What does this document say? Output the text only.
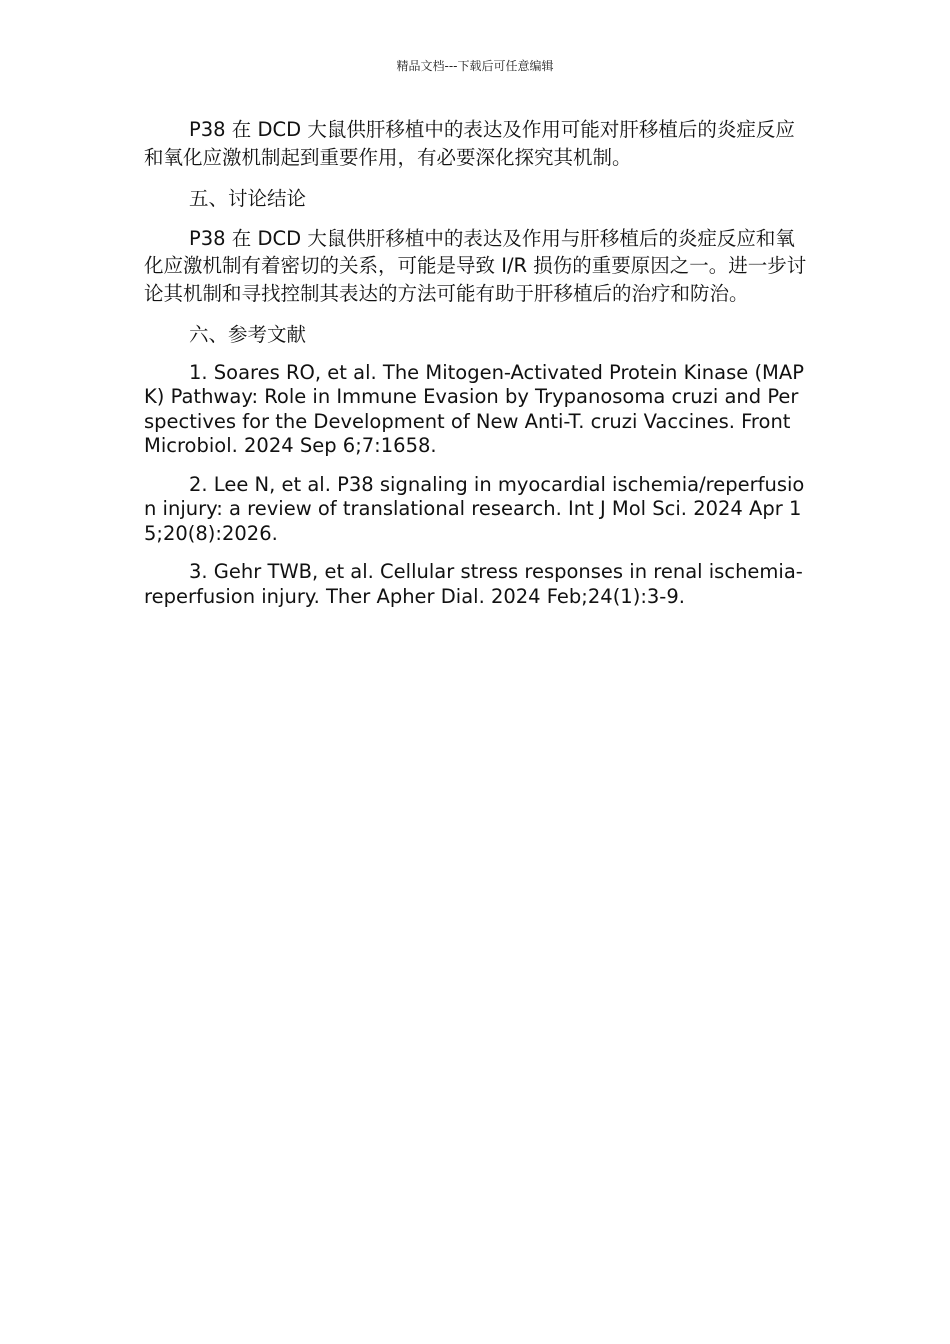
精品文档---下载后可任意编辑

P38 在 DCD 大鼠供肝移植中的表达及作用可能对肝移植后的炎症反应和氧化应激机制起到重要作用，有必要深化探究其机制。

五、讨论结论

P38 在 DCD 大鼠供肝移植中的表达及作用与肝移植后的炎症反应和氧化应激机制有着密切的关系，可能是导致 I/R 损伤的重要原因之一。进一步讨论其机制和寻找控制其表达的方法可能有助于肝移植后的治疗和防治。

六、参考文献

1. Soares RO, et al. The Mitogen-Activated Protein Kinase (MAPK) Pathway: Role in Immune Evasion by Trypanosoma cruzi and Perspectives for the Development of New Anti-T. cruzi Vaccines. Front Microbiol. 2024 Sep 6;7:1658.

2. Lee N, et al. P38 signaling in myocardial ischemia/reperfusion injury: a review of translational research. Int J Mol Sci. 2024 Apr 15;20(8):2026.

3. Gehr TWB, et al. Cellular stress responses in renal ischemia-reperfusion injury. Ther Apher Dial. 2024 Feb;24(1):3-9.
